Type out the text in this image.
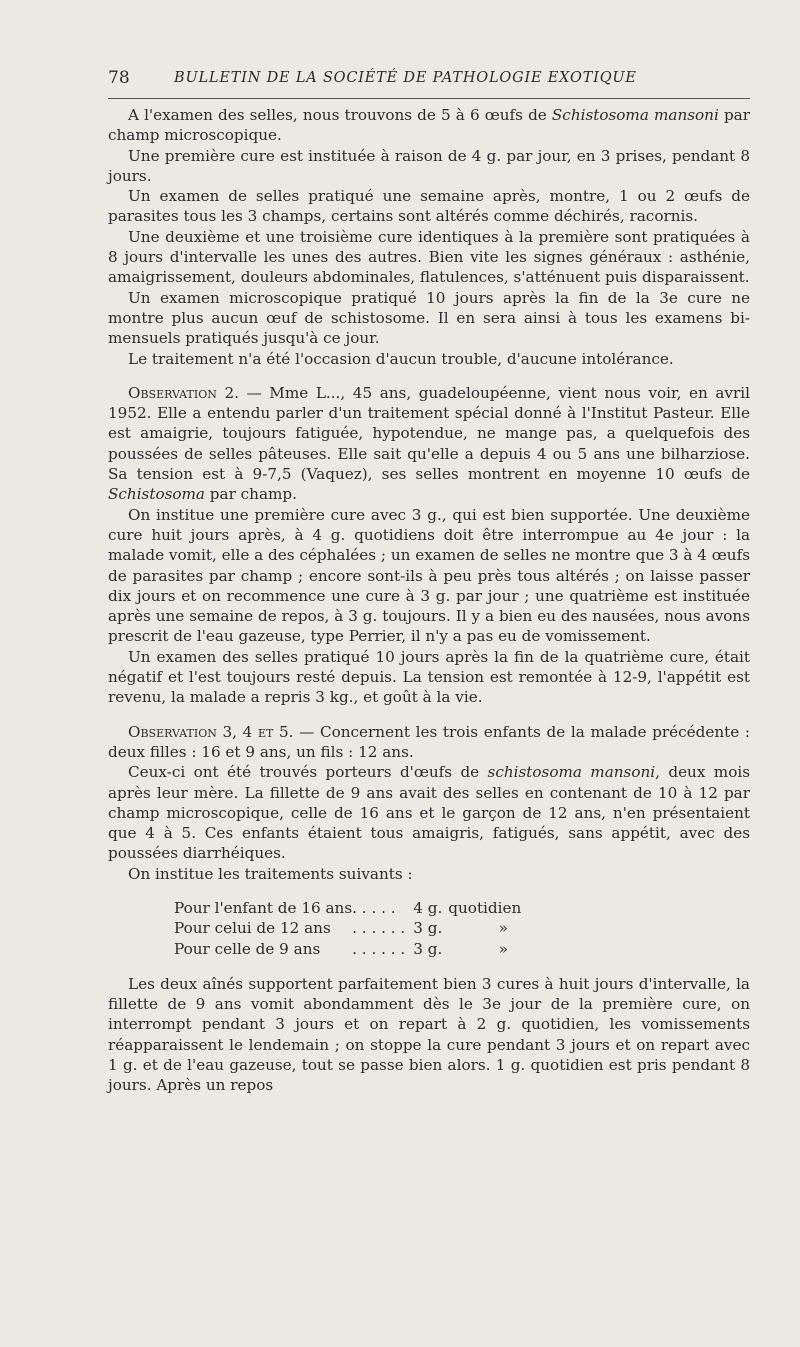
78	BULLETIN DE LA SOCIÉTÉ DE PATHOLOGIE EXOTIQUE

A l'examen des selles, nous trouvons de 5 à 6 œufs de Schistosoma mansoni par champ microscopique.

Une première cure est instituée à raison de 4 g. par jour, en 3 prises, pendant 8 jours.

Un examen de selles pratiqué une semaine après, montre, 1 ou 2 œufs de parasites tous les 3 champs, certains sont altérés comme déchirés, racornis.

Une deuxième et une troisième cure identiques à la première sont pratiquées à 8 jours d'intervalle les unes des autres. Bien vite les signes généraux : asthénie, amaigrissement, douleurs abdominales, flatulences, s'atténuent puis disparaissent.

Un examen microscopique pratiqué 10 jours après la fin de la 3e cure ne montre plus aucun œuf de schistosome. Il en sera ainsi à tous les examens bi-mensuels pratiqués jusqu'à ce jour.

Le traitement n'a été l'occasion d'aucun trouble, d'aucune intolérance.

Observation 2. — Mme L..., 45 ans, guadeloupéenne, vient nous voir, en avril 1952. Elle a entendu parler d'un traitement spécial donné à l'Institut Pasteur. Elle est amaigrie, toujours fatiguée, hypotendue, ne mange pas, a quelquefois des poussées de selles pâteuses. Elle sait qu'elle a depuis 4 ou 5 ans une bilharziose. Sa tension est à 9-7,5 (Vaquez), ses selles montrent en moyenne 10 œufs de Schistosoma par champ.

On institue une première cure avec 3 g., qui est bien supportée. Une deuxième cure huit jours après, à 4 g. quotidiens doit être interrompue au 4e jour : la malade vomit, elle a des céphalées ; un examen de selles ne montre que 3 à 4 œufs de parasites par champ ; encore sont-ils à peu près tous altérés ; on laisse passer dix jours et on recommence une cure à 3 g. par jour ; une quatrième est instituée après une semaine de repos, à 3 g. toujours. Il y a bien eu des nausées, nous avons prescrit de l'eau gazeuse, type Perrier, il n'y a pas eu de vomissement.

Un examen des selles pratiqué 10 jours après la fin de la quatrième cure, était négatif et l'est toujours resté depuis. La tension est remontée à 12-9, l'appétit est revenu, la malade a repris 3 kg., et goût à la vie.

Observation 3, 4 et 5. — Concernent les trois enfants de la malade précédente : deux filles : 16 et 9 ans, un fils : 12 ans.

Ceux-ci ont été trouvés porteurs d'œufs de schistosoma mansoni, deux mois après leur mère. La fillette de 9 ans avait des selles en contenant de 10 à 12 par champ microscopique, celle de 16 ans et le garçon de 12 ans, n'en présentaient que 4 à 5. Ces enfants étaient tous amaigris, fatigués, sans appétit, avec des poussées diarrhéiques.

On institue les traitements suivants :

Pour l'enfant de 16 ans	. . . . .	4 g.	quotidien
Pour celui de 12 ans	. . . . . .	3 g.	»
Pour celle de 9 ans	. . . . . .	3 g.	»

Les deux aînés supportent parfaitement bien 3 cures à huit jours d'intervalle, la fillette de 9 ans vomit abondamment dès le 3e jour de la première cure, on interrompt pendant 3 jours et on repart à 2 g. quotidien, les vomissements réapparaissent le lendemain ; on stoppe la cure pendant 3 jours et on repart avec 1 g. et de l'eau gazeuse, tout se passe bien alors. 1 g. quotidien est pris pendant 8 jours. Après un repos
